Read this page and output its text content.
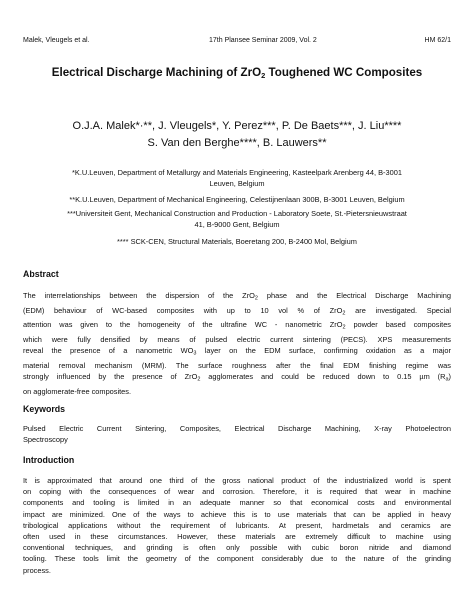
Malek, Vleugels et al.	17th Plansee Seminar 2009, Vol. 2	HM 62/1
Electrical Discharge Machining of ZrO$_2$ Toughened WC Composites
O.J.A. Malek*·**, J. Vleugels*, Y. Perez***, P. De Baets***, J. Liu****
S. Van den Berghe****, B. Lauwers**
*K.U.Leuven, Department of Metallurgy and Materials Engineering, Kasteelpark Arenberg 44, B-3001
Leuven, Belgium
**K.U.Leuven, Department of Mechanical Engineering, Celestijnenlaan 300B, B-3001 Leuven, Belgium
***Universiteit Gent, Mechanical Construction and Production - Laboratory Soete, St.-Pietersnieuwstraat
41, B-9000 Gent, Belgium
**** SCK-CEN, Structural Materials, Boeretang 200, B-2400 Mol, Belgium
Abstract
The interrelationships between the dispersion of the ZrO$_2$ phase and the Electrical Discharge Machining
(EDM) behaviour of WC-based composites with up to 10 vol % of ZrO$_2$ are investigated. Special
attention was given to the homogeneity of the ultrafine WC - nanometric ZrO$_2$ powder based composites
which were fully densified by means of pulsed electric current sintering (PECS). XPS measurements
reveal the presence of a nanometric $WO_3$ layer on the EDM surface, confirming oxidation as a major
material removal mechanism (MRM). The surface roughness after the final EDM finishing regime was
strongly influenced by the presence of ZrO$_2$ agglomerates and could be reduced down to 0.15 µm $(R_a)$
on agglomerate-free composites.
Keywords
Pulsed Electric Current Sintering, Composites, Electrical Discharge Machining, X-ray Photoelectron
Spectroscopy
Introduction
It is approximated that around one third of the gross national product of the industrialized world is spent
on coping with the consequences of wear and corrosion. Therefore, it is required that wear in machine
components and tooling is limited in an adequate manner so that economical costs and environmental
impact are minimized. One of the ways to achieve this is to use materials that can be applied in heavy
tribological applications without the requirement of lubricants. At present, hardmetals and ceramics are
often used in these circumstances. However, these materials are extremely difficult to machine using
conventional techniques, and grinding is often only possible with cubic boron nitride and diamond
tooling. These tools limit the geometry of the component considerably due to the nature of the grinding
process.
